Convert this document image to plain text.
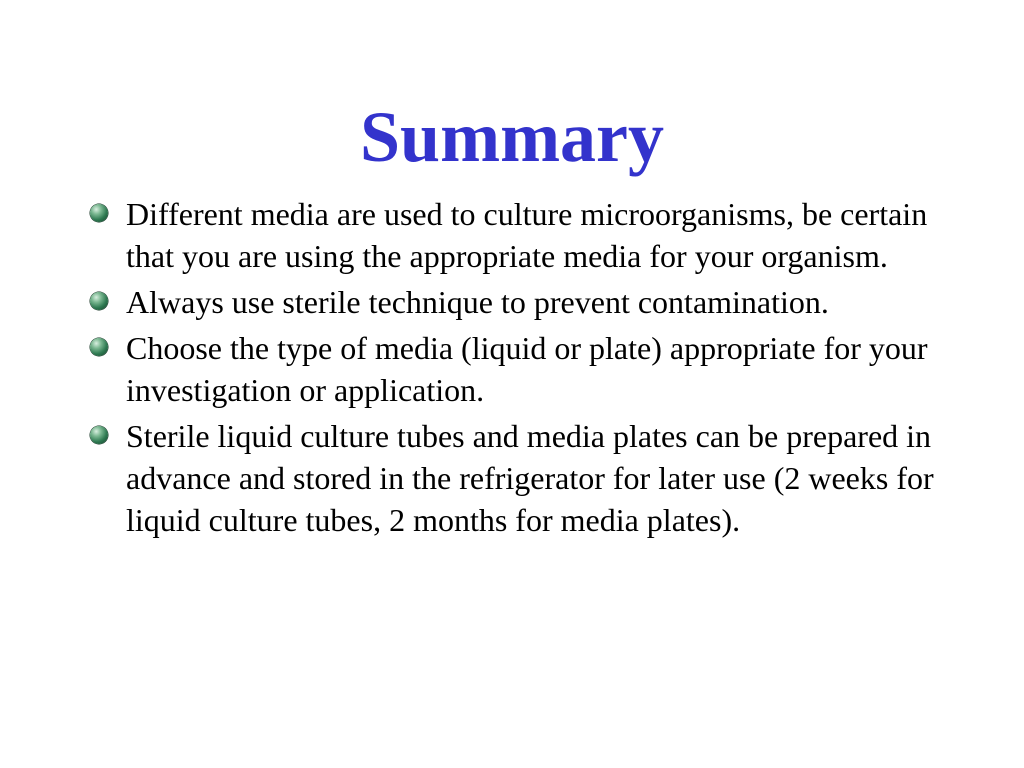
Summary
Different media are used to culture microorganisms, be certain that you are using the appropriate media for your organism.
Always use sterile technique to prevent contamination.
Choose the type of media (liquid or plate) appropriate for your investigation or application.
Sterile liquid culture tubes and media plates can be prepared in advance and stored in the refrigerator for later use (2 weeks for liquid culture tubes, 2 months for media plates).
